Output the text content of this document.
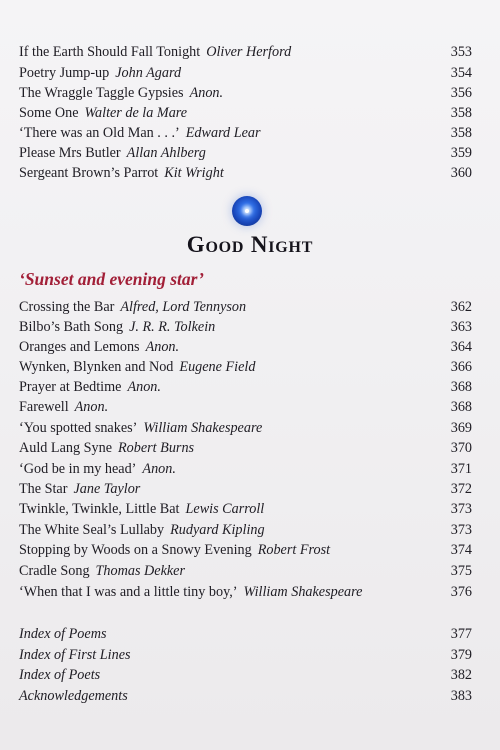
If the Earth Should Fall Tonight Oliver Herford	353
Poetry Jump-up John Agard	354
The Wraggle Taggle Gypsies Anon.	356
Some One Walter de la Mare	358
‘There was an Old Man . . .’ Edward Lear	358
Please Mrs Butler Allan Ahlberg	359
Sergeant Brown’s Parrot Kit Wright	360
Good Night
‘Sunset and evening star’
Crossing the Bar Alfred, Lord Tennyson	362
Bilbo’s Bath Song J. R. R. Tolkein	363
Oranges and Lemons Anon.	364
Wynken, Blynken and Nod Eugene Field	366
Prayer at Bedtime Anon.	368
Farewell Anon.	368
‘You spotted snakes’ William Shakespeare	369
Auld Lang Syne Robert Burns	370
‘God be in my head’ Anon.	371
The Star Jane Taylor	372
Twinkle, Twinkle, Little Bat Lewis Carroll	373
The White Seal’s Lullaby Rudyard Kipling	373
Stopping by Woods on a Snowy Evening Robert Frost	374
Cradle Song Thomas Dekker	375
‘When that I was and a little tiny boy,’ William Shakespeare	376
Index of Poems	377
Index of First Lines	379
Index of Poets	382
Acknowledgements	383
